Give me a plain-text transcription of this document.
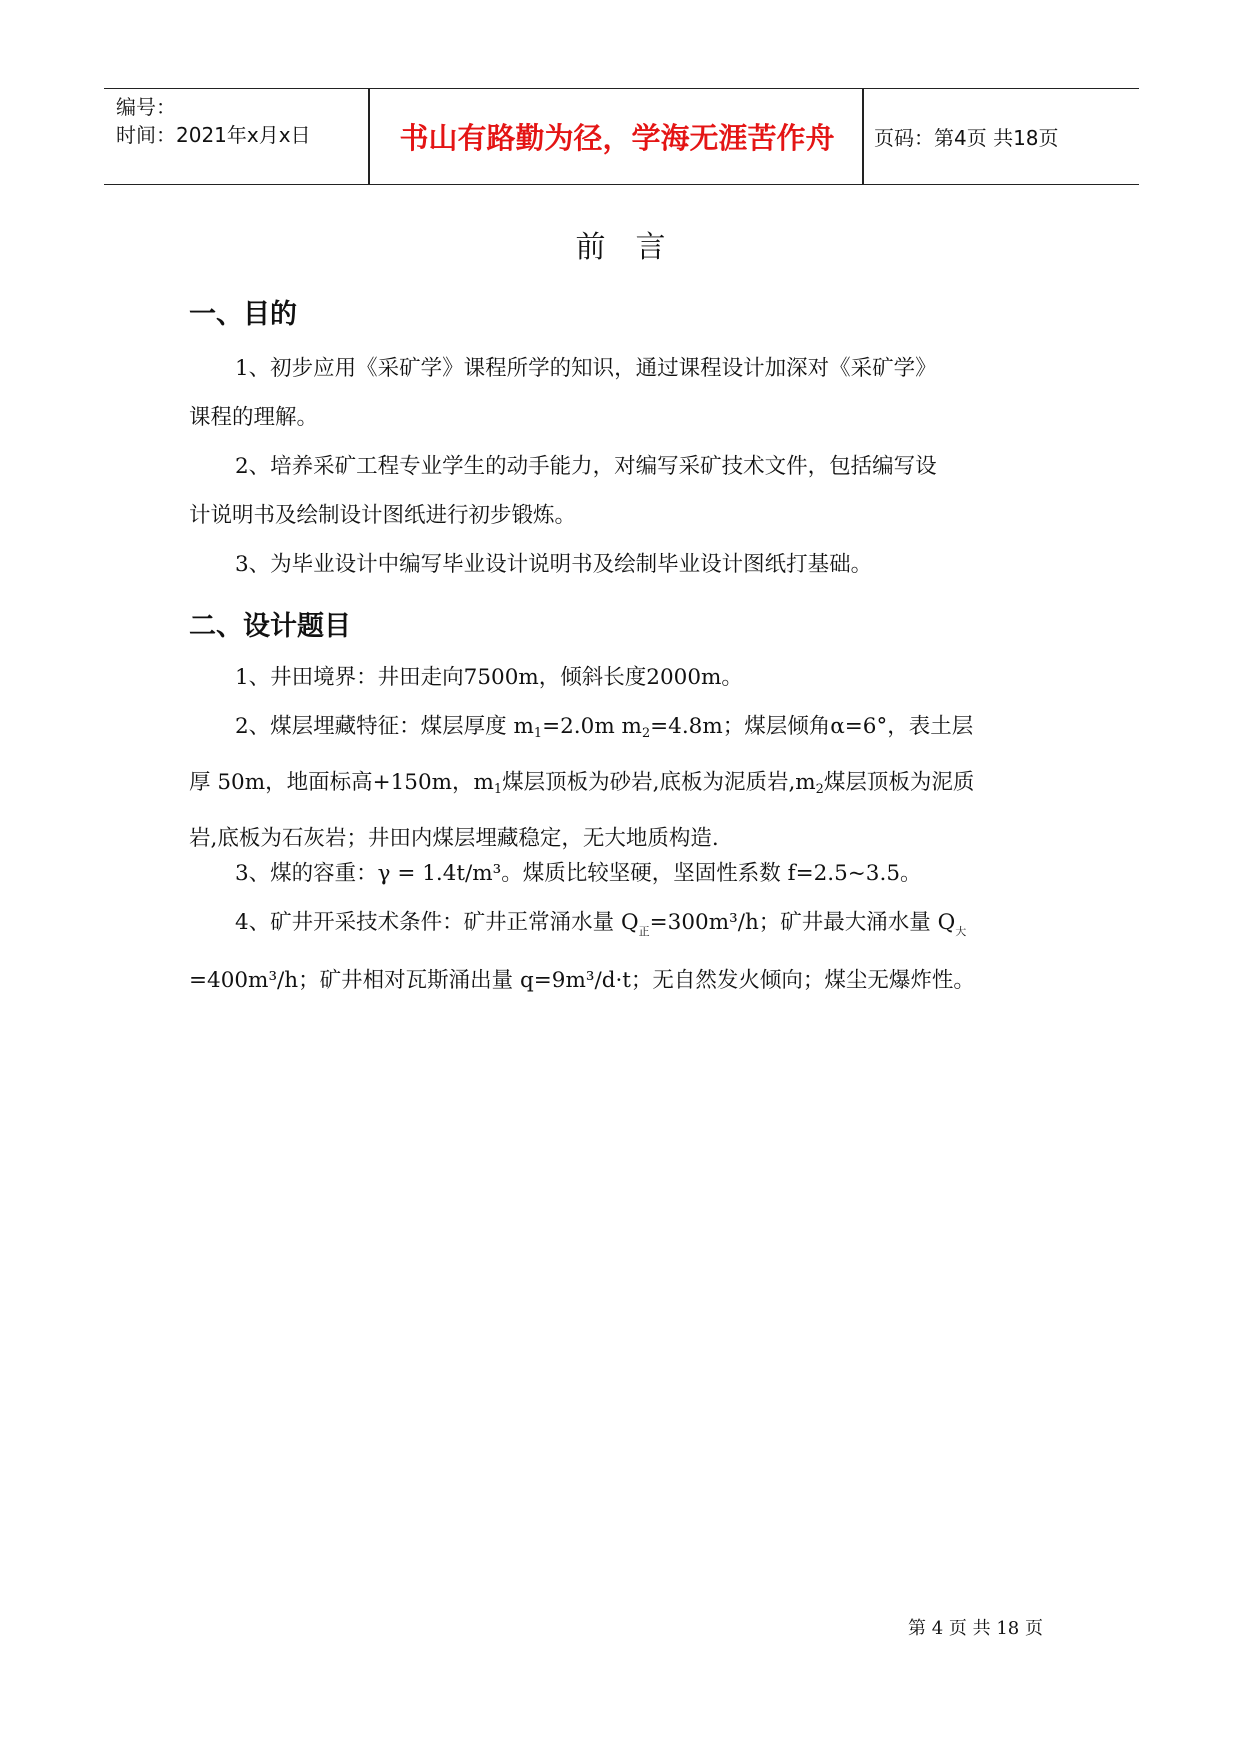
编号：
时间：2021年x月x日	书山有路勤为径，学海无涯苦作舟	页码：第4页 共18页
前言
一、目的
1、初步应用《采矿学》课程所学的知识，通过课程设计加深对《采矿学》
课程的理解。
2、培养采矿工程专业学生的动手能力，对编写采矿技术文件，包括编写设
计说明书及绘制设计图纸进行初步锻炼。
3、为毕业设计中编写毕业设计说明书及绘制毕业设计图纸打基础。
二、设计题目
1、井田境界：井田走向7500m，倾斜长度2000m。
2、煤层埋藏特征：煤层厚度 $m_1=2.0m$ $m_2=4.8m$；煤层倾角α=6°，表土层
厚 50m，地面标高+150m，$m_1$煤层顶板为砂岩,底板为泥质岩$,m_2$煤层顶板为泥质
岩,底板为石灰岩；井田内煤层埋藏稳定，无大地质构造.
3、煤的容重：γ = 1.4t/m³。煤质比较坚硬，坚固性系数 f=2.5~3.5。
4、矿井开采技术条件：矿井正常涌水量 $Q_正=300m^3/h$；矿井最大涌水量 $Q_大$
=400m³/h；矿井相对瓦斯涌出量 q=9m³/d·t；无自然发火倾向；煤尘无爆炸性。
第 4 页 共 18 页
